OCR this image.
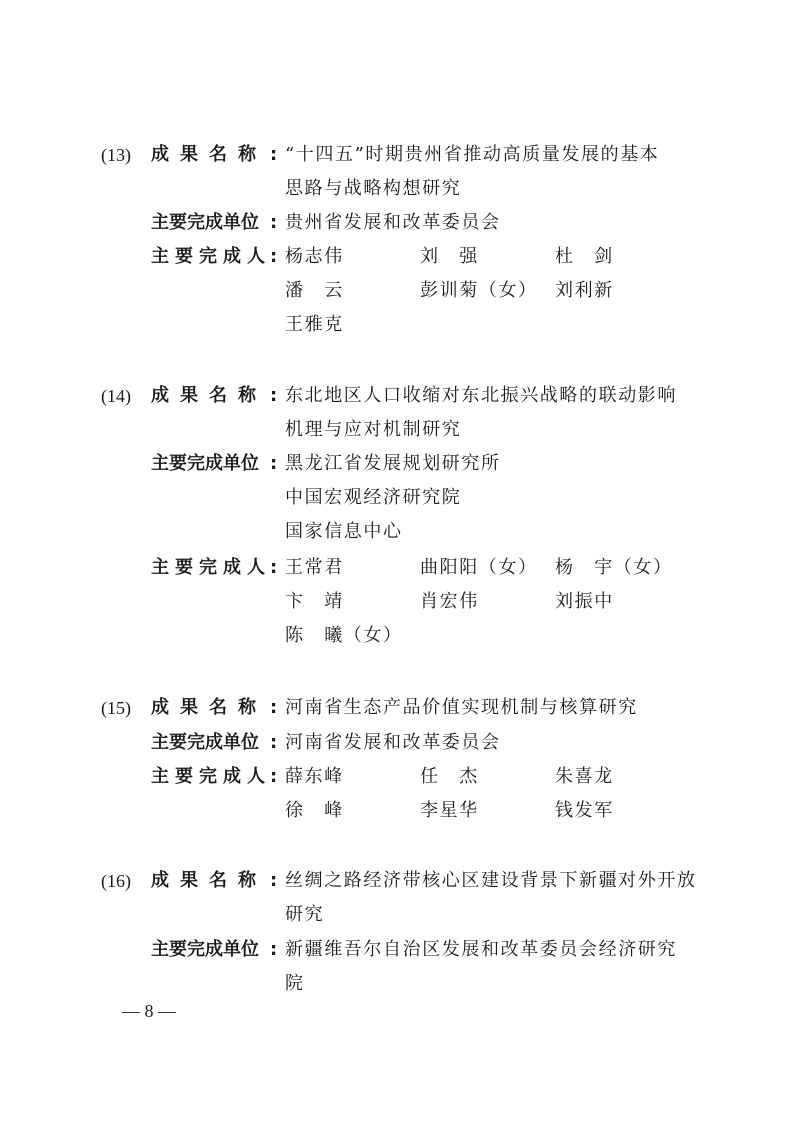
(13) 成果名称 : “十四五”时期贵州省推动高质量发展的基本
思路与战略构想研究
主要完成单位 : 贵州省发展和改革委员会
主要完成人 : 杨志伟	刘　强	杜　剑
潘　云	彭训菊（女） 刘利新
王雅克
(14) 成果名称 : 东北地区人口收缩对东北振兴战略的联动影响
机理与应对机制研究
主要完成单位 : 黑龙江省发展规划研究所
中国宏观经济研究院
国家信息中心
主要完成人 : 王常君	曲阳阳（女） 杨　宇（女）
卞　靖	肖宏伟	刘振中
陈　曦（女）
(15) 成果名称 : 河南省生态产品价值实现机制与核算研究
主要完成单位 : 河南省发展和改革委员会
主要完成人 : 薛东峰	任　杰	朱喜龙
徐　峰	李星华	钱发军
(16) 成果名称 : 丝绸之路经济带核心区建设背景下新疆对外开放
研究
主要完成单位 : 新疆维吾尔自治区发展和改革委员会经济研究
院
— 8 —
